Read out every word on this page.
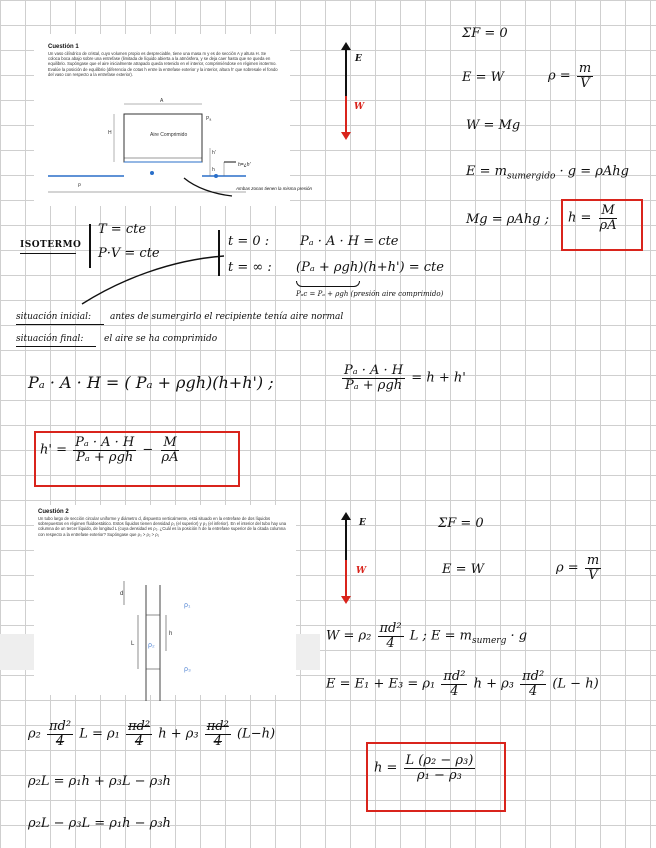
Cuestión 1

Un vaso cilíndrico de cristal, cuyo volumen propio es despreciable, tiene una masa m y es de sección A y altura H. Se coloca boca abajo sobre una entrefase (limitada de líquido abierta a la atmósfera, y se deja caer hasta que se queda en equilibrio. Supóngase que el aire inicialmente atrapado queda retenido en el interior, comprimiéndose en régimen isotermo. Evalúe la posición de equilibrio (diferencia de cotas h entre la entrefase exterior y la interior, altura h' que sobresale el fondo del vaso con respecto a la entrefase exterior).

A
H	Aire Comprimido
ρ
h
h'
Pₐ
h=¿h'
Ambas zonas tienen la misma presión
E
W
ΣF = 0
E = W	$\rho = \frac{m}{V}$
W = Mg
$E = m_{sumergido} \cdot g = \rho Ahg$
Mg = ρAhg ; $h = \frac{M}{\rho A}$
ISOTERMO
T = cte
P·V = cte
t = 0 : Pₐ · A · H = cte
t = ∞ : (Pₐ + ρgh)(h+h') = cte
Pₐc = Pₐ + ρgh (presión aire comprimido)
situación inicial: antes de sumergirlo el recipiente tenía aire normal
situación final: el aire se ha comprimido
Pₐ · A · H = ( Pₐ + ρgh)(h+h') ;	$\frac{\text{Pₐ · A · H}}{\text{Pₐ + ρgh}} = h + h'$
$h' = \frac{\text{Pₐ · A · H}}{\text{Pₐ + ρgh}} - \frac{M}{\rho A}$

Cuestión 2

Un tubo largo de sección circular uniforme y diámetro d, dispuesto verticalmente, está situado en la entrefase de dos líquidos sobrepuestos en régimen fluidoestático. Estos líquidos tienen densidad ρ₁ (el superior) y ρ₃ (el inferior). En el interior del tubo hay una columna de un tercer líquido, de longitud L (cuya densidad es ρ₂. ¿Cuál es la posición h de la entrefase superior de la citada columna con respecto a la entrefase exterior? Supóngase que ρ₃ > ρ₂ > ρ₁

d
L
h
ρ₁
ρ₂
ρ₃
E
W
ΣF = 0
E = W	$\rho = \frac{m}{V}$
$W = \rho_2 \frac{\text{πd²}}{4}$ L ; $E = m_{sumerg} \cdot g$
$E = E_1 + E_3 = \rho_1 \frac{\text{πd²}}{4}$ $h + \rho_3 \frac{\text{πd²}}{4} (L - h)$
$\rho_2 \frac{\text{πd²}}{4}$ $L = \rho_1 \frac{\text{πd²}}{4}$ $h + \rho_3 \frac{\text{πd²}}{4} (L-h)$
ρ₂L = ρ₁h + ρ₃L − ρ₃h
ρ₂L − ρ₃L = ρ₁h − ρ₃h
$h = \frac{\text{L (ρ₂ − ρ₃)}}{\text{ρ₁ − ρ₃}}$
